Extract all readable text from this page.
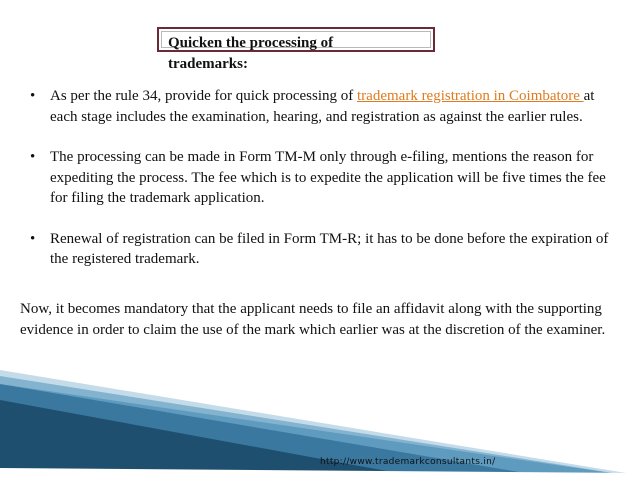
Quicken the processing of
trademarks:
• As per the rule 34, provide for quick processing of trademark registration in Coimbatore at each stage includes the examination, hearing, and registration as against the earlier rules.
• The processing can be made in Form TM-M only through e-filing, mentions the reason for expediting the process. The fee which is to expedite the application will be five times the fee for filing the trademark application.
• Renewal of registration can be filed in Form TM-R; it has to be done before the expiration of the registered trademark.
Now, it becomes mandatory that the applicant needs to file an affidavit along with the supporting evidence in order to claim the use of the mark which earlier was at the discretion of the examiner.
http://www.trademarkconsultants.in/
